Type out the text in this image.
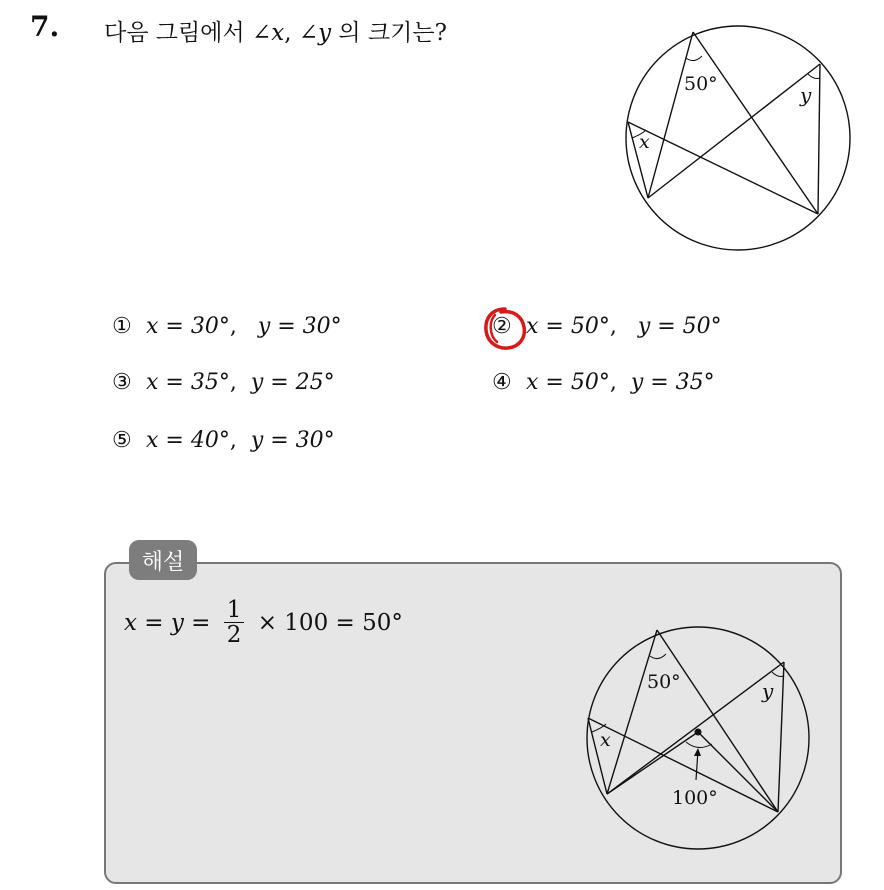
7. 다음 그림에서 ∠x, ∠y 의 크기는?
50°
x
y
① x = 30°,   y = 30°	② x = 50°,   y = 50°
③ x = 35°,  y = 25°	④ x = 50°,  y = 35°
⑤ x = 40°,  y = 30°
해설
$x = y = \frac{1}{2} \times 100 = 50^\circ$
50°
x
y
100°
